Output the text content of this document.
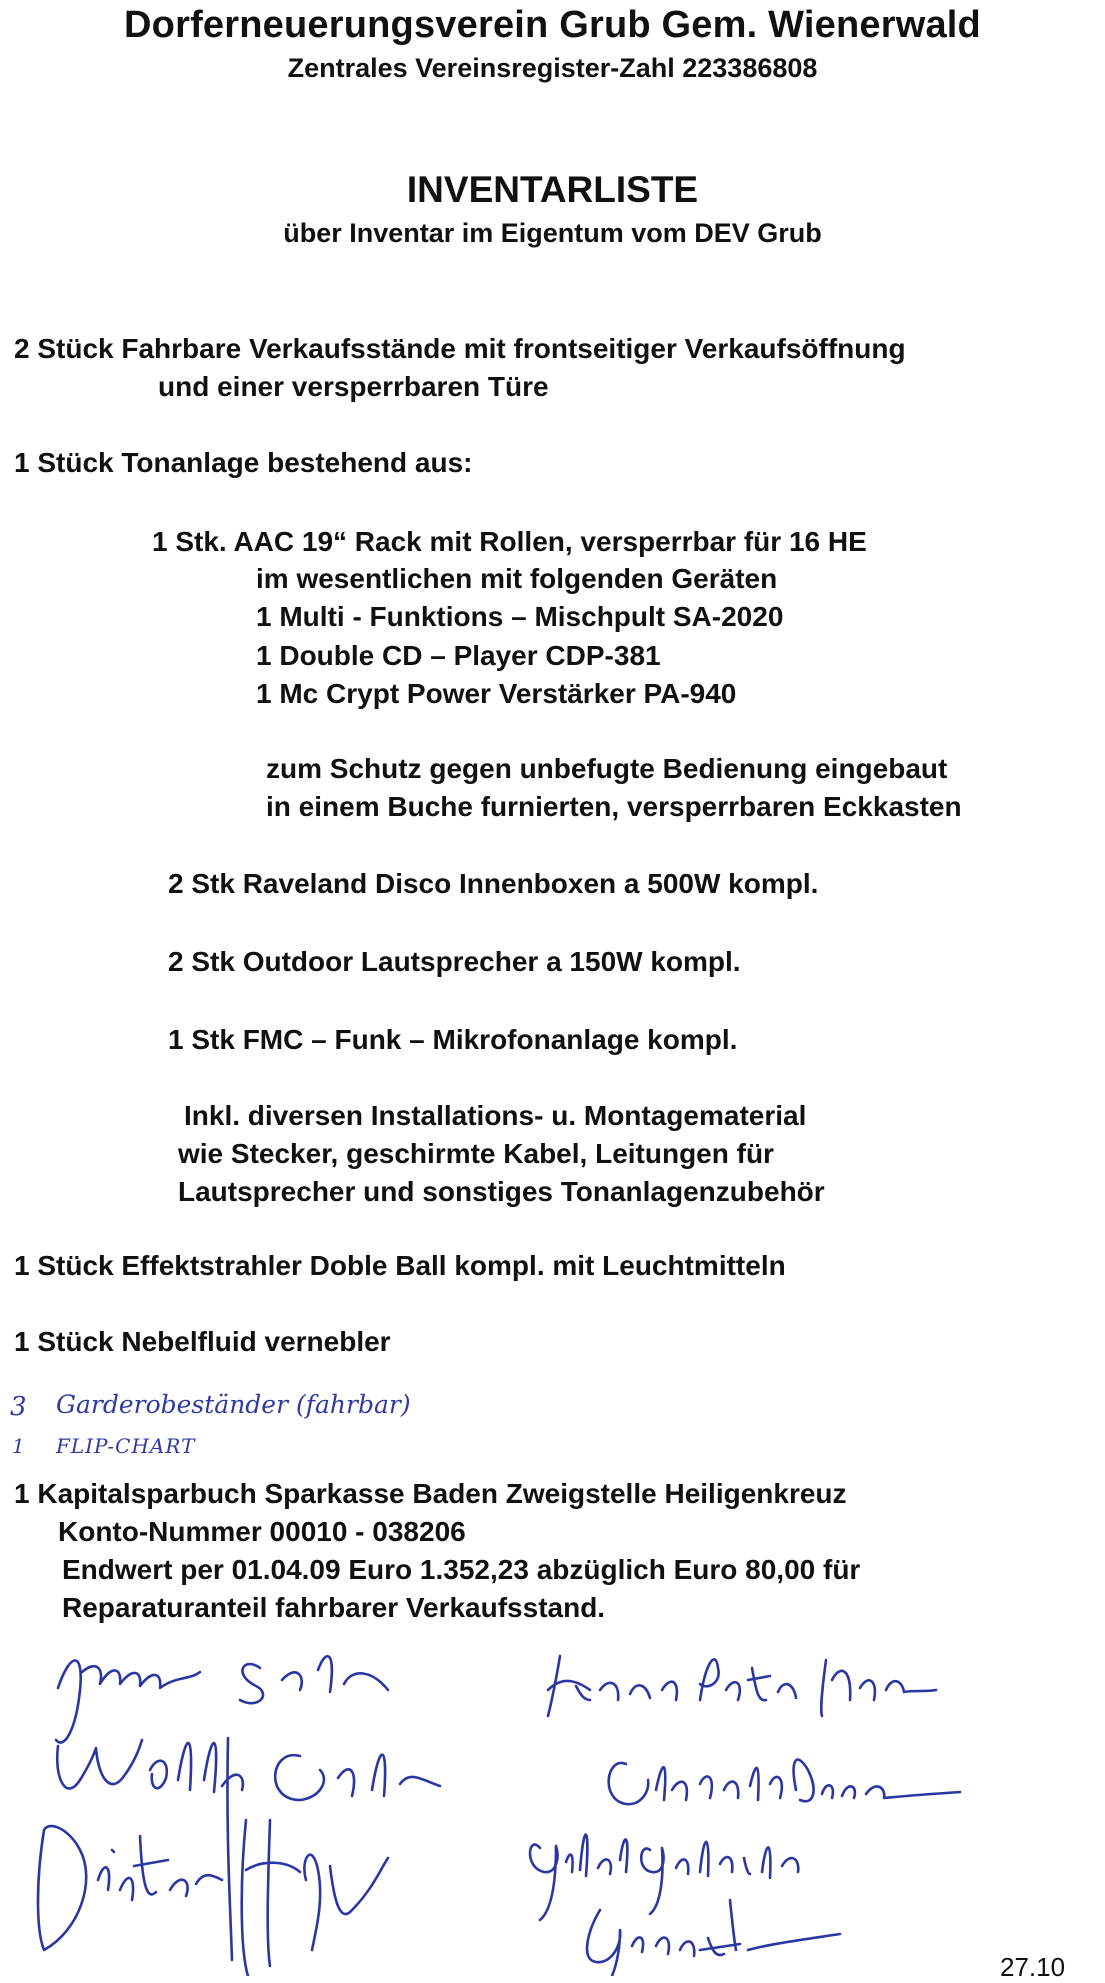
Dorferneuerungsverein Grub Gem. Wienerwald
Zentrales Vereinsregister-Zahl 223386808
INVENTARLISTE
über Inventar im Eigentum vom DEV Grub
2 Stück Fahrbare Verkaufsstände mit frontseitiger Verkaufsöffnung
und einer versperrbaren Türe
1 Stück Tonanlage bestehend aus:
1 Stk. AAC 19“ Rack mit Rollen, versperrbar für 16 HE
im wesentlichen mit folgenden Geräten
1 Multi - Funktions – Mischpult SA-2020
1 Double CD – Player CDP-381
1 Mc Crypt Power Verstärker PA-940
zum Schutz gegen unbefugte Bedienung eingebaut
in einem Buche furnierten, versperrbaren Eckkasten
2 Stk Raveland Disco Innenboxen a 500W kompl.
2 Stk Outdoor Lautsprecher a 150W kompl.
1 Stk FMC – Funk – Mikrofonanlage kompl.
Inkl. diversen Installations- u. Montagematerial
wie Stecker, geschirmte Kabel, Leitungen für
Lautsprecher und sonstiges Tonanlagenzubehör
1 Stück Effektstrahler Doble Ball kompl. mit Leuchtmitteln
1 Stück Nebelfluid vernebler
3 Garderobeständer (fahrbar)
1 FLIP-CHART
1 Kapitalsparbuch Sparkasse Baden Zweigstelle Heiligenkreuz
Konto-Nummer 00010 - 038206
Endwert per 01.04.09 Euro 1.352,23 abzüglich Euro 80,00 für
Reparaturanteil fahrbarer Verkaufsstand.
27.10
